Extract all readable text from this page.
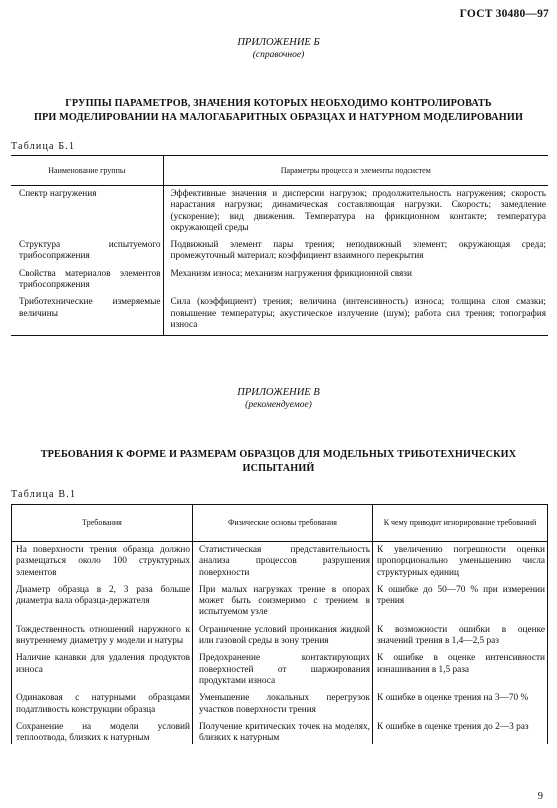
ГОСТ 30480—97
ПРИЛОЖЕНИЕ Б
(справочное)
ГРУППЫ ПАРАМЕТРОВ, ЗНАЧЕНИЯ КОТОРЫХ НЕОБХОДИМО КОНТРОЛИРОВАТЬ
ПРИ МОДЕЛИРОВАНИИ НА МАЛОГАБАРИТНЫХ ОБРАЗЦАХ И НАТУРНОМ МОДЕЛИРОВАНИИ
Таблица Б.1
Наименование группы	Параметры процесса и элементы подсистем
Спектр нагружения	Эффективные значения и дисперсии нагрузок; продолжительность нагружения; скорость нарастания нагрузки; динамическая составляющая нагрузки. Скорость; замедление (ускорение); вид движения. Температура на фрикционном контакте; температура окружающей среды
Структура испытуемого трибосопряжения	Подвижный элемент пары трения; неподвижный элемент; окружающая среда; промежуточный материал; коэффициент взаимного перекрытия
Свойства материалов элементов трибосопряжения	Механизм износа; механизм нагружения фрикционной связи
Триботехнические измеряемые величины	Сила (коэффициент) трения; величина (интенсивность) износа; толщина слоя смазки; повышение температуры; акустическое излучение (шум); работа сил трения; топография износа
ПРИЛОЖЕНИЕ В
(рекомендуемое)
ТРЕБОВАНИЯ К ФОРМЕ И РАЗМЕРАМ ОБРАЗЦОВ ДЛЯ МОДЕЛЬНЫХ ТРИБОТЕХНИЧЕСКИХ
ИСПЫТАНИЙ
Таблица В.1
Требования	Физические основы требования	К чему приводит игнорирование требований
На поверхности трения образца должно размещаться около 100 структурных элементов	Статистическая представительность анализа процессов разрушения поверхности	К увеличению погрешности оценки пропорционально уменьшению числа структурных единиц
Диаметр образца в 2, 3 раза больше диаметра вала образца-держателя	При малых нагрузках трение в опорах может быть соизмеримо с трением в испытуемом узле	К ошибке до 50—70 % при измерении трения
Тождественность отношений наружного к внутреннему диаметру у модели и натуры	Ограничение условий проникания жидкой или газовой среды в зону трения	К возможности ошибки в оценке значений трения в 1,4—2,5 раз
Наличие канавки для удаления продуктов износа	Предохранение контактирующих поверхностей от шаржирования продуктами износа	К ошибке в оценке интенсивности изнашивания в 1,5 раза
Одинаковая с натурными образцами податливость конструкции образца	Уменьшение локальных перегрузок участков поверхности трения	К ошибке в оценке трения на 3—70 %
Сохранение на модели условий теплоотвода, близких к натурным	Получение критических точек на моделях, близких к натурным	К ошибке в оценке трения до 2—3 раз
9
